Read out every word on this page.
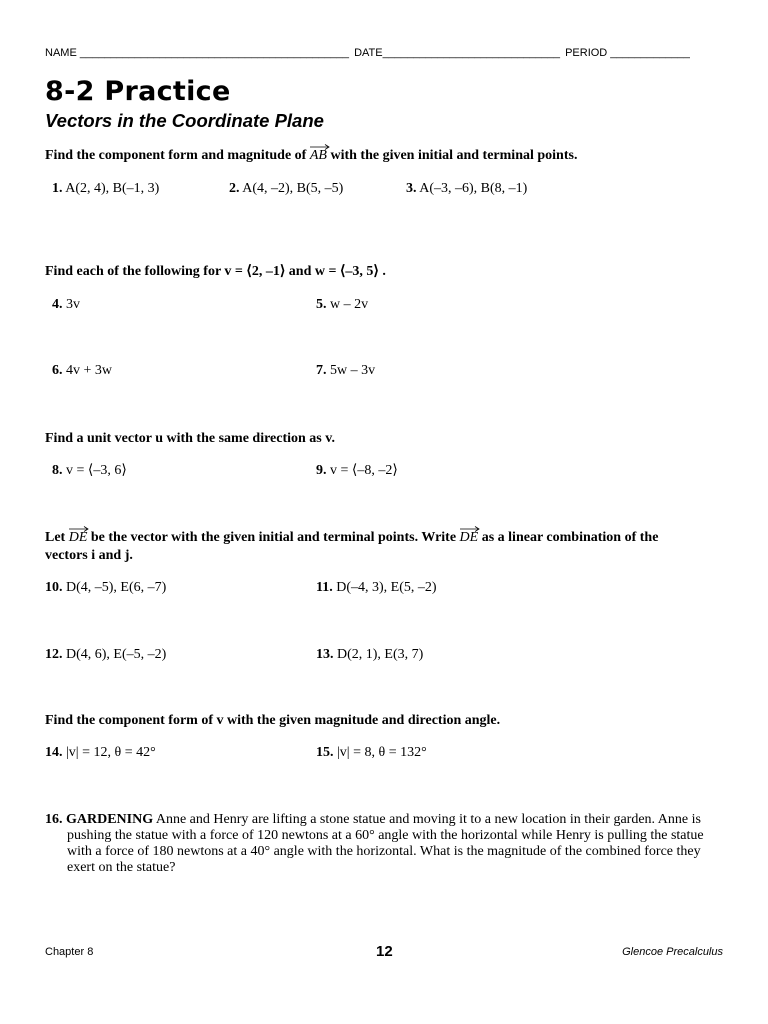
NAME ____________________________________________ DATE_____________________________ PERIOD _____________
8-2 Practice
Vectors in the Coordinate Plane
Find the component form and magnitude of AB with the given initial and terminal points.
1. A(2, 4), B(–1, 3)	2. A(4, –2), B(5, –5)	3. A(–3, –6), B(8, –1)
Find each of the following for v = ⟨2, –1⟩ and w = ⟨–3, 5⟩ .
4. 3v	5. w – 2v
6. 4v + 3w	7. 5w – 3v
Find a unit vector u with the same direction as v.
8. v = ⟨–3, 6⟩	9. v = ⟨–8, –2⟩
Let DE be the vector with the given initial and terminal points. Write DE as a linear combination of the
vectors i and j.
10. D(4, –5), E(6, –7)	11. D(–4, 3), E(5, –2)
12. D(4, 6), E(–5, –2)	13. D(2, 1), E(3, 7)
Find the component form of v with the given magnitude and direction angle.
14. |v| = 12, θ = 42°	15. |v| = 8, θ = 132°
16. GARDENING Anne and Henry are lifting a stone statue and moving it to a new location in their garden. Anne is pushing the statue with a force of 120 newtons at a 60° angle with the horizontal while Henry is pulling the statue with a force of 180 newtons at a 40° angle with the horizontal. What is the magnitude of the combined force they exert on the statue?
Chapter 8	12	Glencoe Precalculus
